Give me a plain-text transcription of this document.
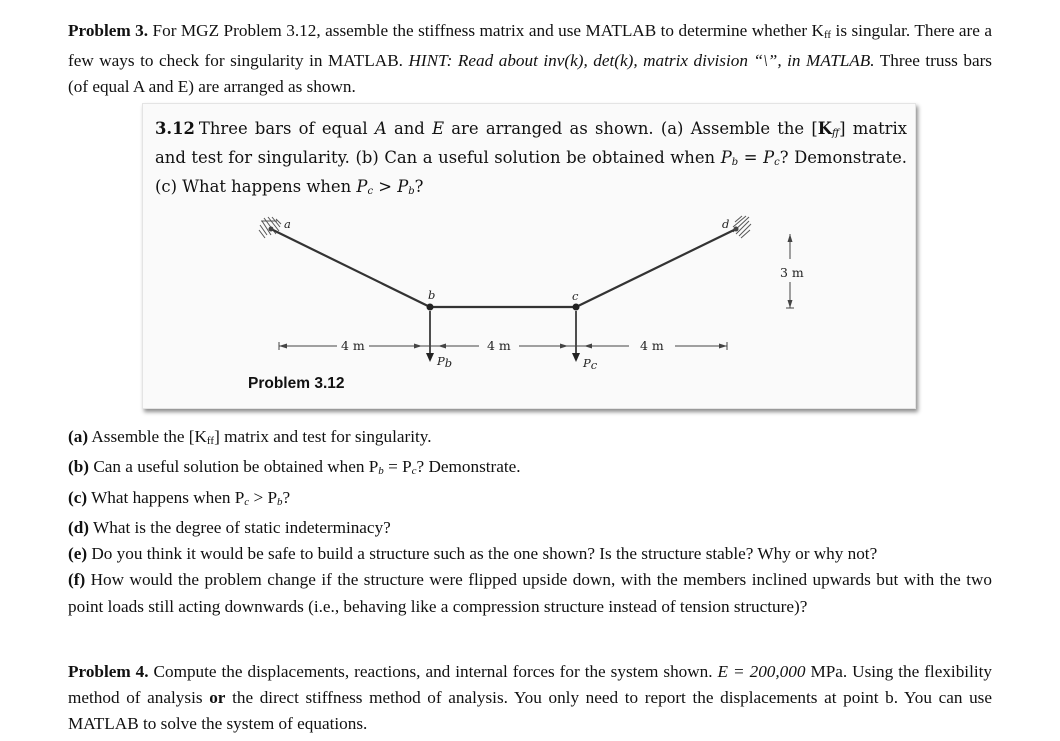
Problem 3. For MGZ Problem 3.12, assemble the stiffness matrix and use MATLAB to determine whether Kff is singular. There are a few ways to check for singularity in MATLAB. HINT: Read about inv(k), det(k), matrix division “\”, in MATLAB. Three truss bars (of equal A and E) are arranged as shown.

3.12 Three bars of equal A and E are arranged as shown. (a) Assemble the [Kff] matrix and test for singularity. (b) Can a useful solution be obtained when Pb = Pc? Demonstrate. (c) What happens when Pc > Pb?

a
b	c
d
Pb	Pc
4 m	4 m	4 m
3 m
Problem 3.12
(a) Assemble the [Kff] matrix and test for singularity.
(b) Can a useful solution be obtained when Pb = Pc? Demonstrate.
(c) What happens when Pc > Pb?
(d) What is the degree of static indeterminacy?
(e) Do you think it would be safe to build a structure such as the one shown? Is the structure stable? Why or why not?
(f) How would the problem change if the structure were flipped upside down, with the members inclined upwards but with the two point loads still acting downwards (i.e., behaving like a compression structure instead of tension structure)?

Problem 4. Compute the displacements, reactions, and internal forces for the system shown. E = 200,000 MPa. Using the flexibility method of analysis or the direct stiffness method of analysis. You only need to report the displacements at point b. You can use MATLAB to solve the system of equations.
